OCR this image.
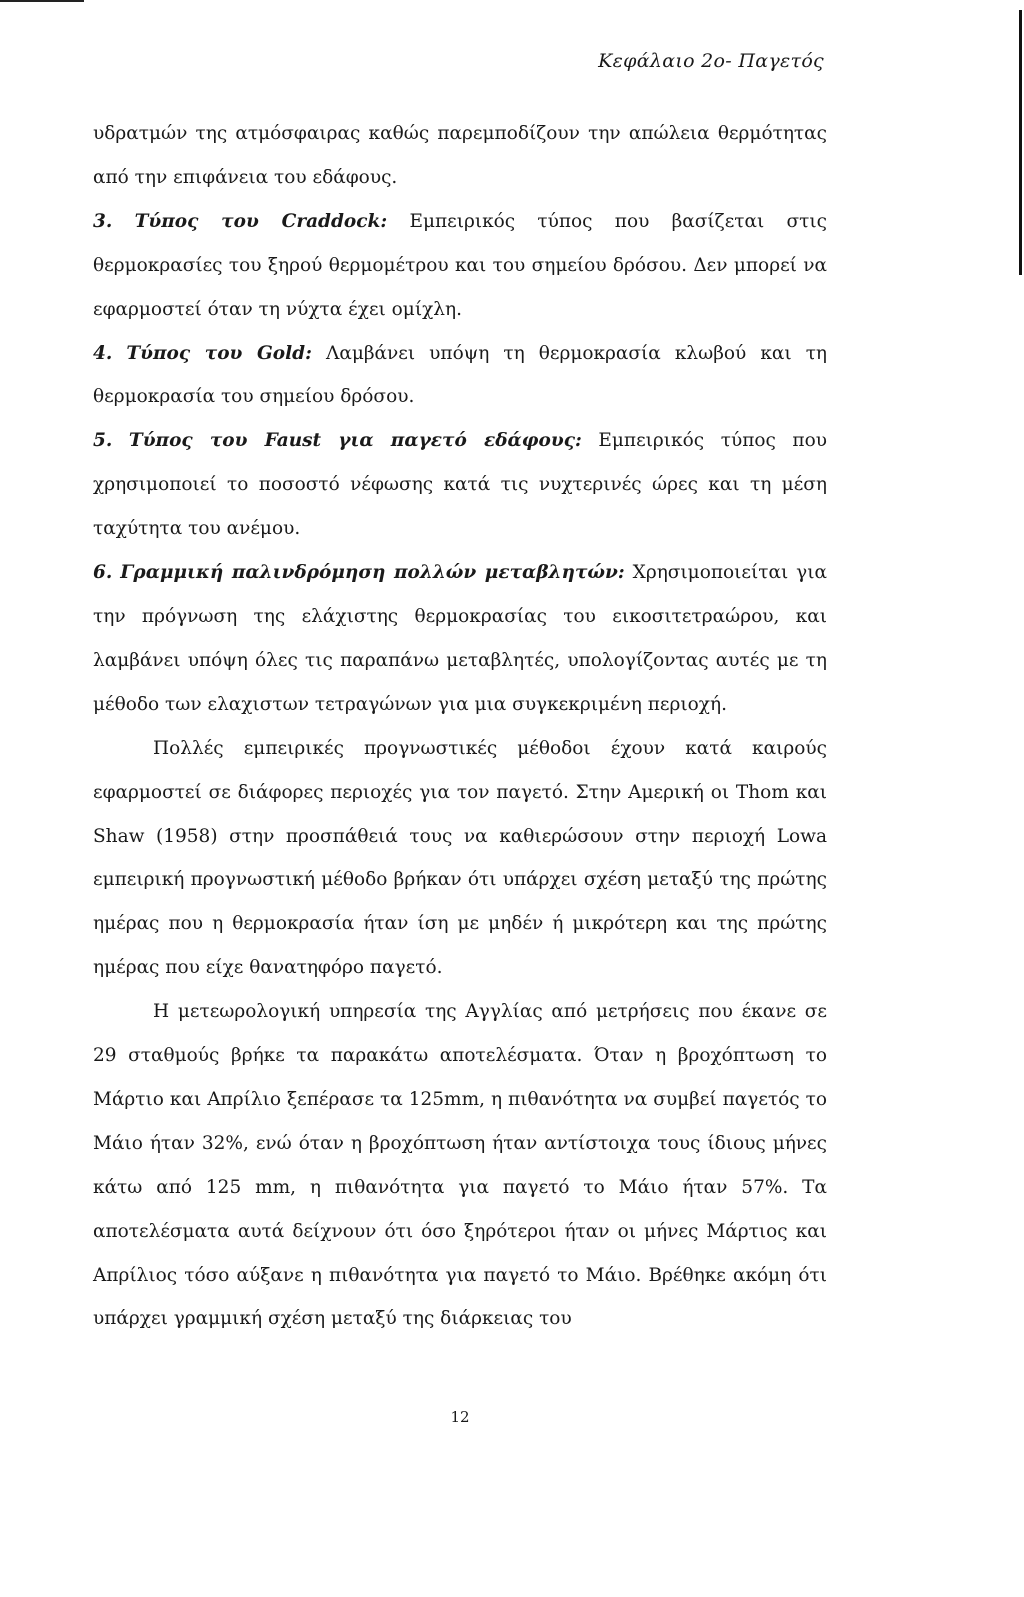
Κεφάλαιο 2ο- Παγετός

υδρατμών της ατμόσφαιρας καθώς παρεμποδίζουν την απώλεια θερμότητας από την επιφάνεια του εδάφους.

3. Τύπος του Craddock: Εμπειρικός τύπος που βασίζεται στις θερμοκρασίες του ξηρού θερμομέτρου και του σημείου δρόσου. Δεν μπορεί να εφαρμοστεί όταν τη νύχτα έχει ομίχλη.

4. Τύπος του Gold: Λαμβάνει υπόψη τη θερμοκρασία κλωβού και τη θερμοκρασία του σημείου δρόσου.

5. Τύπος του Faust για παγετό εδάφους: Εμπειρικός τύπος που χρησιμοποιεί το ποσοστό νέφωσης κατά τις νυχτερινές ώρες και τη μέση ταχύτητα του ανέμου.

6. Γραμμική παλινδρόμηση πολλών μεταβλητών: Χρησιμοποιείται για την πρόγνωση της ελάχιστης θερμοκρασίας του εικοσιτετραώρου, και λαμβάνει υπόψη όλες τις παραπάνω μεταβλητές, υπολογίζοντας αυτές με τη μέθοδο των ελαχιστων τετραγώνων για μια συγκεκριμένη περιοχή.

Πολλές εμπειρικές προγνωστικές μέθοδοι έχουν κατά καιρούς εφαρμοστεί σε διάφορες περιοχές για τον παγετό. Στην Αμερική οι Thom και Shaw (1958) στην προσπάθειά τους να καθιερώσουν στην περιοχή Lowa εμπειρική προγνωστική μέθοδο βρήκαν ότι υπάρχει σχέση μεταξύ της πρώτης ημέρας που η θερμοκρασία ήταν ίση με μηδέν ή μικρότερη και της πρώτης ημέρας που είχε θανατηφόρο παγετό.

Η μετεωρολογική υπηρεσία της Αγγλίας από μετρήσεις που έκανε σε 29 σταθμούς βρήκε τα παρακάτω αποτελέσματα. Όταν η βροχόπτωση το Μάρτιο και Απρίλιο ξεπέρασε τα 125mm, η πιθανότητα να συμβεί παγετός το Μάιο ήταν 32%, ενώ όταν η βροχόπτωση ήταν αντίστοιχα τους ίδιους μήνες κάτω από 125 mm, η πιθανότητα για παγετό το Μάιο ήταν 57%. Τα αποτελέσματα αυτά δείχνουν ότι όσο ξηρότεροι ήταν οι μήνες Μάρτιος και Απρίλιος τόσο αύξανε η πιθανότητα για παγετό το Μάιο. Βρέθηκε ακόμη ότι υπάρχει γραμμική σχέση μεταξύ της διάρκειας του

12
